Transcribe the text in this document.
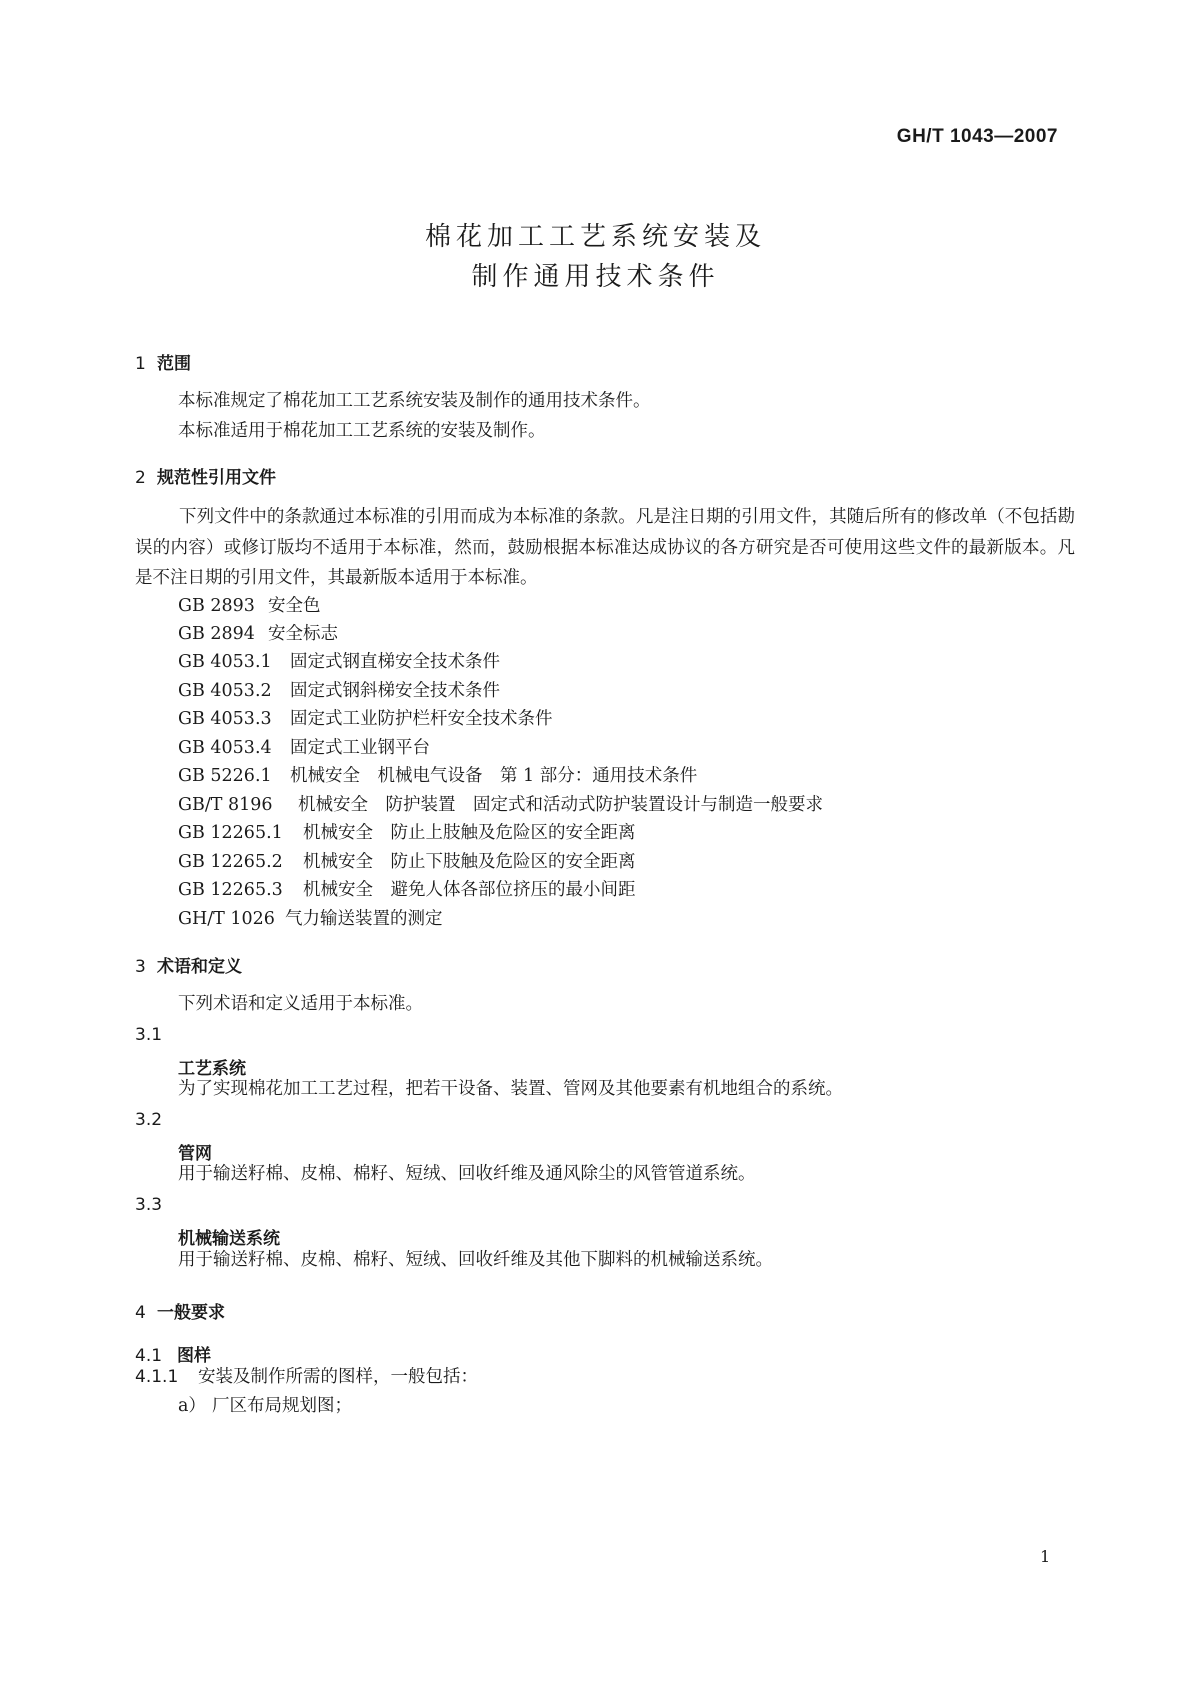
GH/T 1043—2007
棉花加工工艺系统安装及
制作通用技术条件
1 范围
本标准规定了棉花加工工艺系统安装及制作的通用技术条件。
本标准适用于棉花加工工艺系统的安装及制作。
2 规范性引用文件
下列文件中的条款通过本标准的引用而成为本标准的条款。凡是注日期的引用文件，其随后所有的修改单（不包括勘误的内容）或修订版均不适用于本标准，然而，鼓励根据本标准达成协议的各方研究是否可使用这些文件的最新版本。凡是不注日期的引用文件，其最新版本适用于本标准。
GB 2893 安全色
GB 2894 安全标志
GB 4053.1 固定式钢直梯安全技术条件
GB 4053.2 固定式钢斜梯安全技术条件
GB 4053.3 固定式工业防护栏杆安全技术条件
GB 4053.4 固定式工业钢平台
GB 5226.1 机械安全　机械电气设备　第 1 部分：通用技术条件
GB/T 8196 机械安全　防护装置　固定式和活动式防护装置设计与制造一般要求
GB 12265.1 机械安全　防止上肢触及危险区的安全距离
GB 12265.2 机械安全　防止下肢触及危险区的安全距离
GB 12265.3 机械安全　避免人体各部位挤压的最小间距
GH/T 1026 气力输送装置的测定
3 术语和定义
下列术语和定义适用于本标准。
3.1
工艺系统
为了实现棉花加工工艺过程，把若干设备、装置、管网及其他要素有机地组合的系统。
3.2
管网
用于输送籽棉、皮棉、棉籽、短绒、回收纤维及通风除尘的风管管道系统。
3.3
机械输送系统
用于输送籽棉、皮棉、棉籽、短绒、回收纤维及其他下脚料的机械输送系统。
4 一般要求
4.1 图样
4.1.1 安装及制作所需的图样，一般包括：
a） 厂区布局规划图；
1
